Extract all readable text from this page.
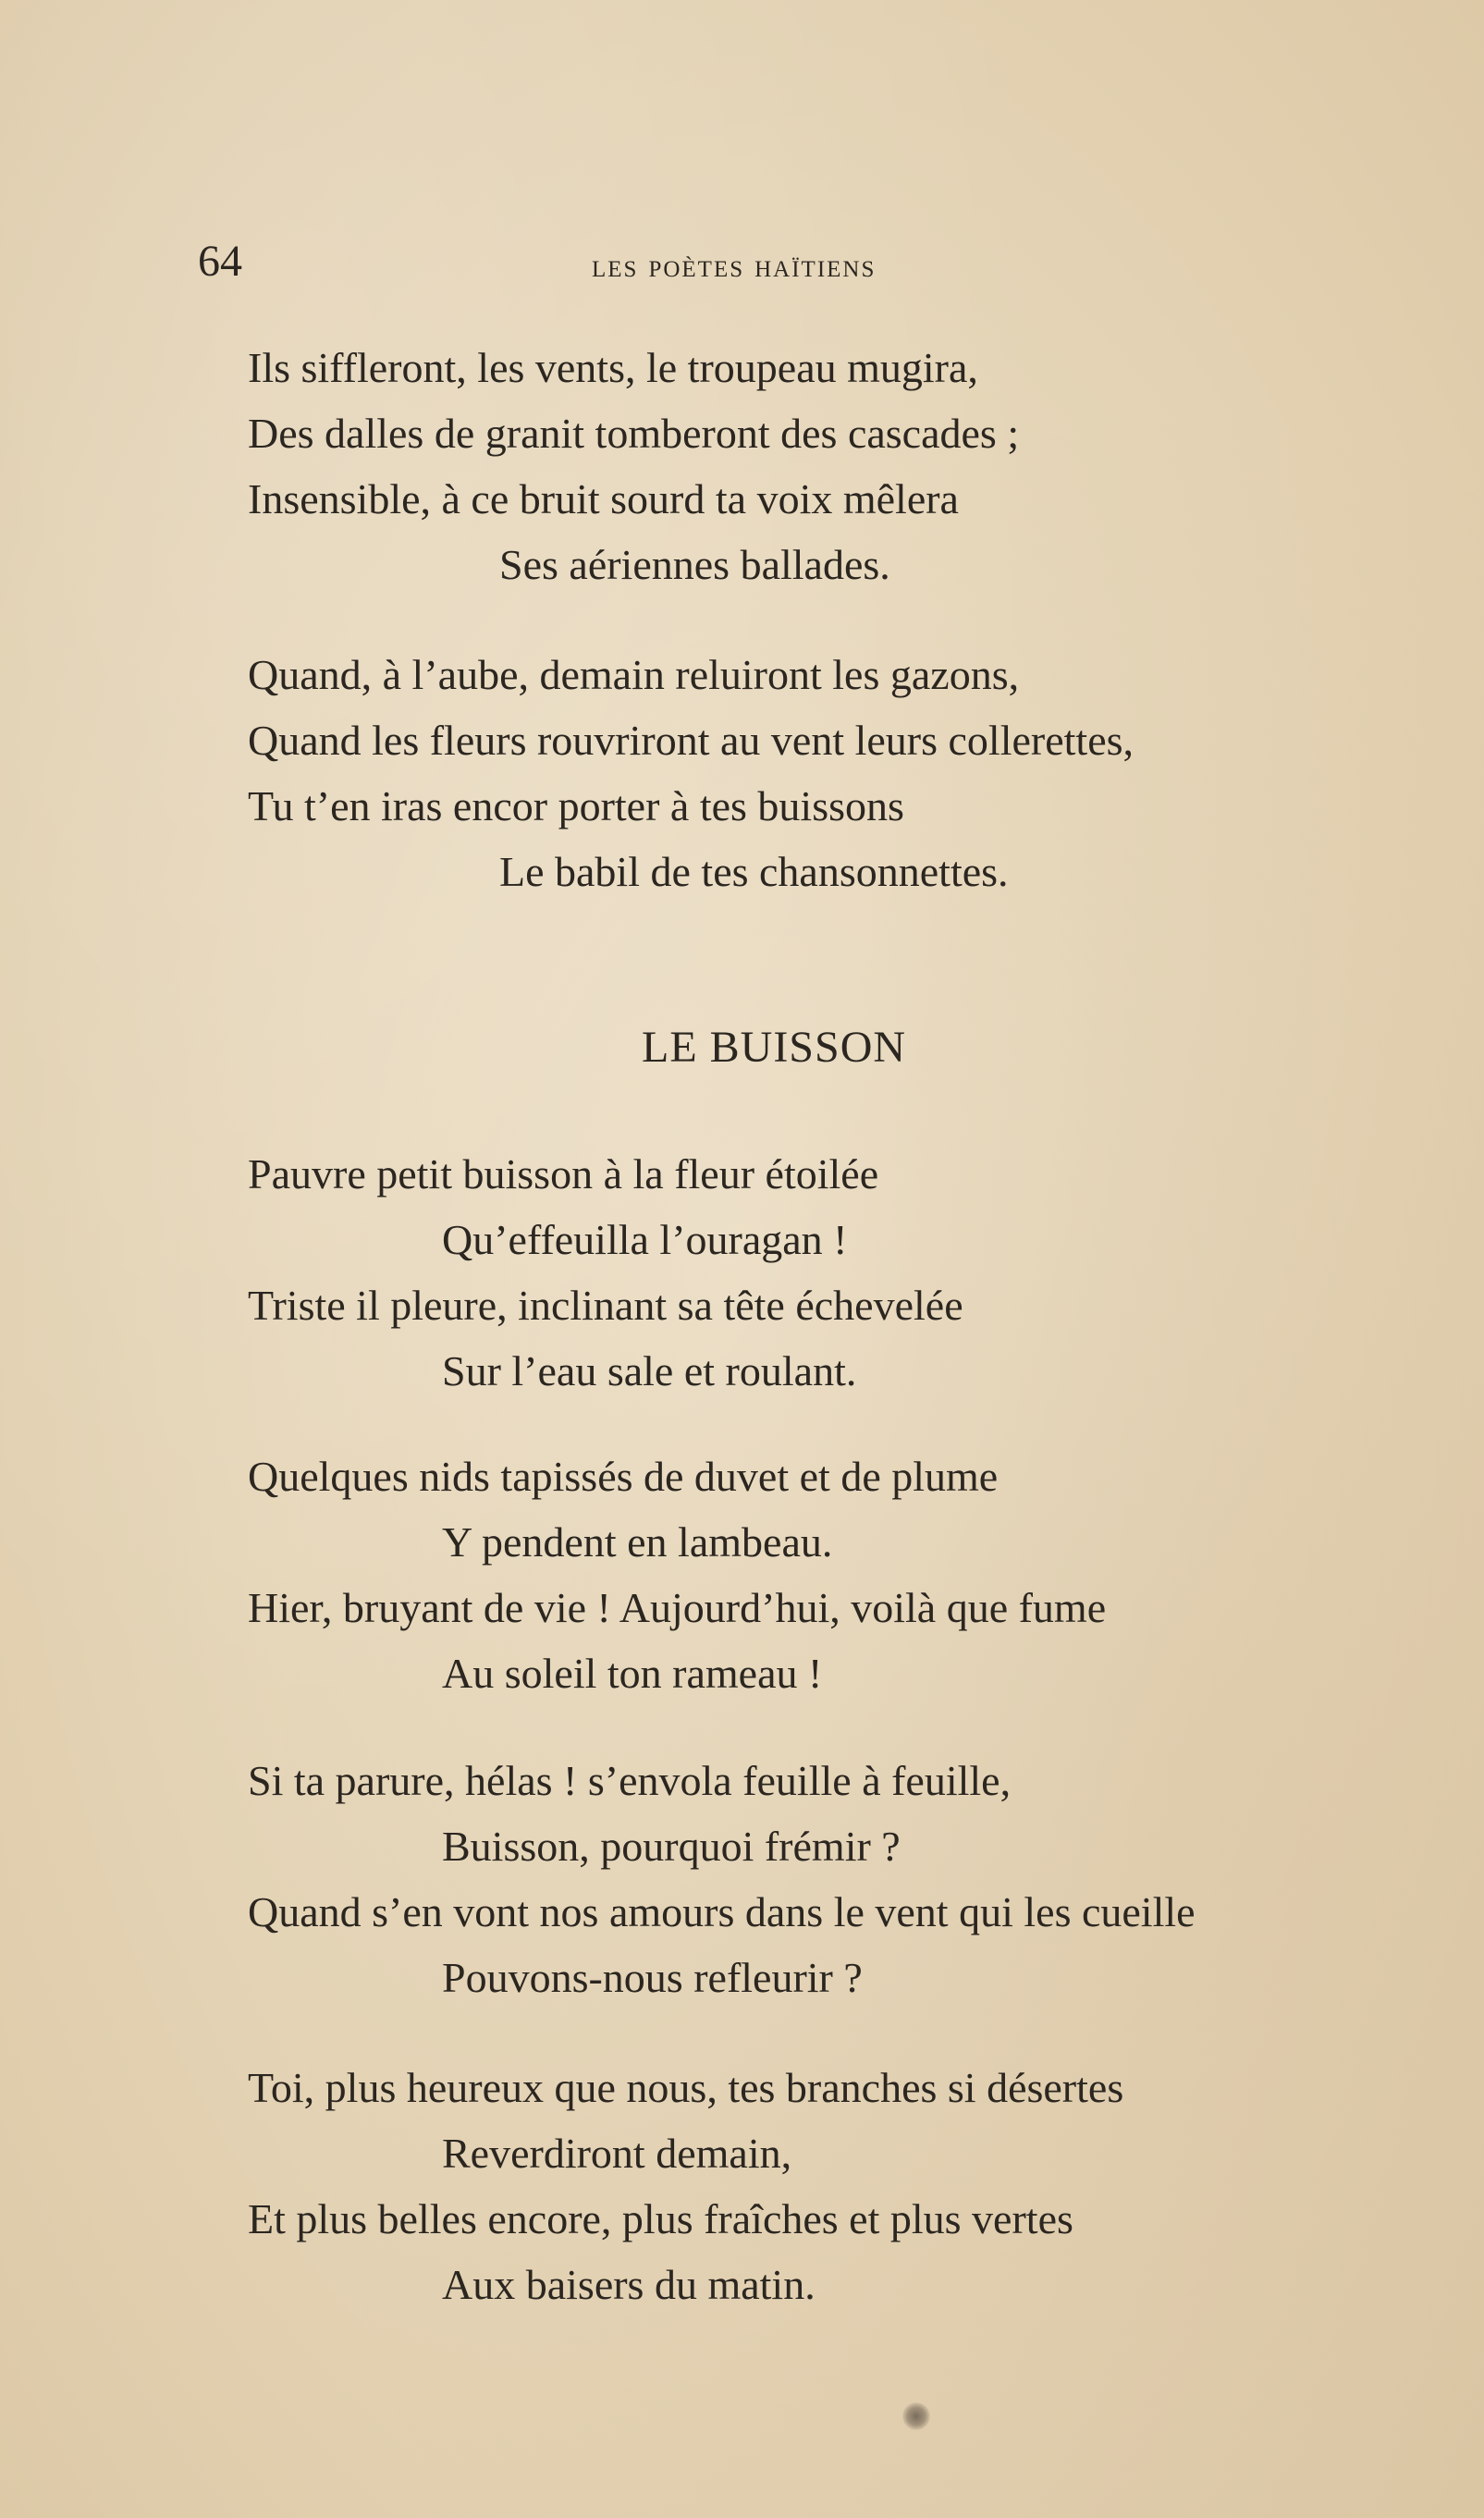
64	les poètes haïtiens
Ils siffleront, les vents, le troupeau mugira,
Des dalles de granit tomberont des cascades ;
Insensible, à ce bruit sourd ta voix mêlera
Ses aériennes ballades.
Quand, à l’aube, demain reluiront les gazons,
Quand les fleurs rouvriront au vent leurs collerettes,
Tu t’en iras encor porter à tes buissons
Le babil de tes chansonnettes.
LE BUISSON
Pauvre petit buisson à la fleur étoilée
Qu’effeuilla l’ouragan !
Triste il pleure, inclinant sa tête échevelée
Sur l’eau sale et roulant.
Quelques nids tapissés de duvet et de plume
Y pendent en lambeau.
Hier, bruyant de vie ! Aujourd’hui, voilà que fume
Au soleil ton rameau !
Si ta parure, hélas ! s’envola feuille à feuille,
Buisson, pourquoi frémir ?
Quand s’en vont nos amours dans le vent qui les cueille
Pouvons-nous refleurir ?
Toi, plus heureux que nous, tes branches si désertes
Reverdiront demain,
Et plus belles encore, plus fraîches et plus vertes
Aux baisers du matin.
